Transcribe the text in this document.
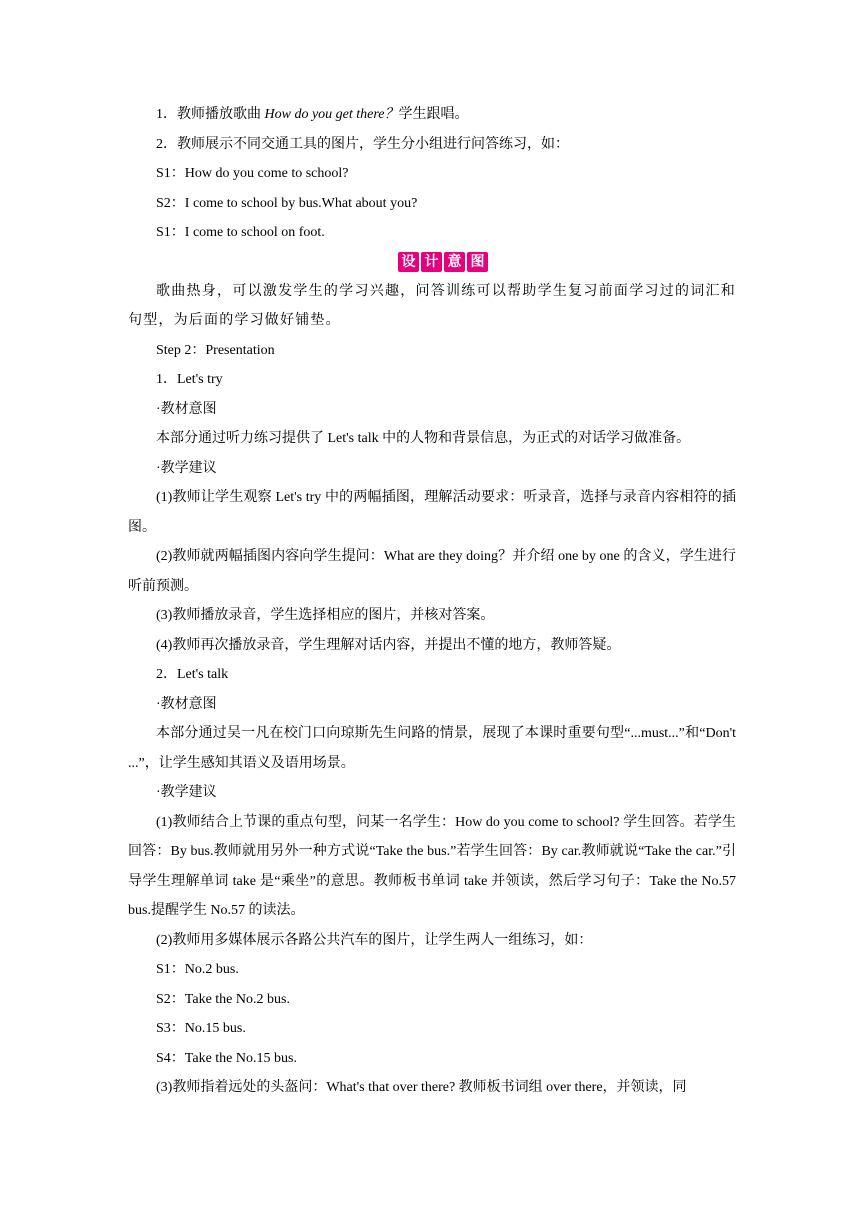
1．教师播放歌曲 How do you get there？学生跟唱。

2．教师展示不同交通工具的图片，学生分小组进行问答练习，如：

S1：How do you come to school?

S2：I come to school by bus.What about you?

S1：I come to school on foot.

设 计 意 图

歌曲热身，可以激发学生的学习兴趣，问答训练可以帮助学生复习前面学习过的词汇和句型，为后面的学习做好铺垫。

Step 2：Presentation

1．Let's try

·教材意图

本部分通过听力练习提供了 Let's talk 中的人物和背景信息，为正式的对话学习做准备。

·教学建议

(1)教师让学生观察 Let's try 中的两幅插图，理解活动要求：听录音，选择与录音内容相符的插图。

(2)教师就两幅插图内容向学生提问：What are they doing？并介绍 one by one 的含义，学生进行听前预测。

(3)教师播放录音，学生选择相应的图片，并核对答案。

(4)教师再次播放录音，学生理解对话内容，并提出不懂的地方，教师答疑。

2．Let's talk

·教材意图

本部分通过吴一凡在校门口向琼斯先生问路的情景，展现了本课时重要句型“...must...”和“Don't ...”，让学生感知其语义及语用场景。

·教学建议

(1)教师结合上节课的重点句型，问某一名学生：How do you come to school? 学生回答。若学生回答：By bus.教师就用另外一种方式说“Take the bus.”若学生回答：By car.教师就说“Take the car.”引导学生理解单词 take 是“乘坐”的意思。教师板书单词 take 并领读，然后学习句子：Take the No.57 bus.提醒学生 No.57 的读法。

(2)教师用多媒体展示各路公共汽车的图片，让学生两人一组练习，如：

S1：No.2 bus.

S2：Take the No.2 bus.

S3：No.15 bus.

S4：Take the No.15 bus.

(3)教师指着远处的头盔问：What's that over there? 教师板书词组 over there，并领读，同
